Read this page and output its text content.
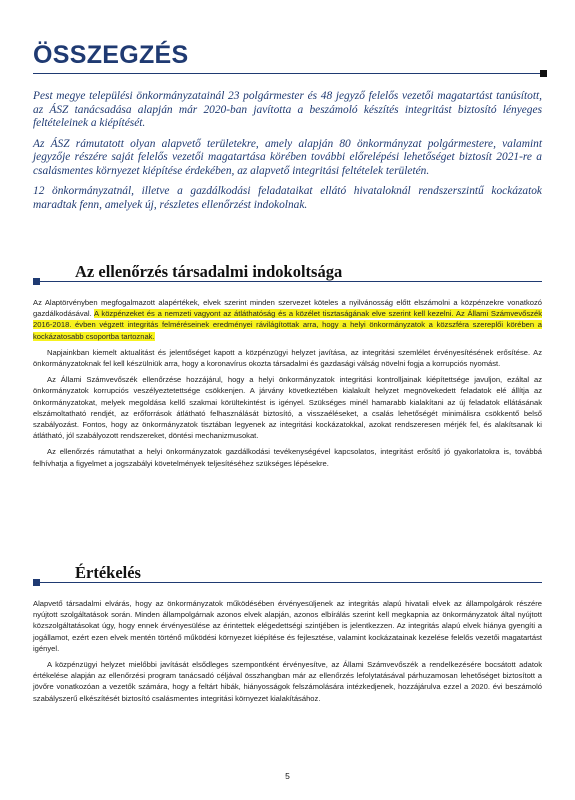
ÖSSZEGZÉS

Pest megye települési önkormányzatainál 23 polgármester és 48 jegyző felelős vezetői magatartást tanúsított, az ÁSZ tanácsadása alapján már 2020-ban javította a beszámoló készítés integritást biztosító lényeges feltételeinek a kiépítését.

Az ÁSZ rámutatott olyan alapvető területekre, amely alapján 80 önkormányzat polgármestere, valamint jegyzője részére saját felelős vezetői magatartása körében további előrelépési lehetőséget biztosít 2021-re a csalásmentes környezet kiépítése érdekében, az alapvető integritási feltételek területén.

12 önkormányzatnál, illetve a gazdálkodási feladataikat ellátó hivataloknál rendszerszintű kockázatok maradtak fenn, amelyek új, részletes ellenőrzést indokolnak.

Az ellenőrzés társadalmi indokoltsága

Az Alaptörvényben megfogalmazott alapértékek, elvek szerint minden szervezet köteles a nyilvánosság előtt elszámolni a közpénzekre vonatkozó gazdálkodásával. A közpénzeket és a nemzeti vagyont az átláthatóság és a közélet tisztaságának elve szerint kell kezelni. Az Állami Számvevőszék 2016-2018. évben végzett integritás felméréseinek eredményei rávilágítottak arra, hogy a helyi önkormányzatok a közszféra szereplői körében a kockázatosabb csoportba tartoznak.

Napjainkban kiemelt aktualitást és jelentőséget kapott a közpénzügyi helyzet javítása, az integritási szemlélet érvényesítésének erősítése. Az önkormányzatoknak fel kell készülniük arra, hogy a koronavírus okozta társadalmi és gazdasági válság növelni fogja a korrupciós nyomást.

Az Állami Számvevőszék ellenőrzése hozzájárul, hogy a helyi önkormányzatok integritási kontrolljainak kiépítettsége javuljon, ezáltal az önkormányzatok korrupciós veszélyeztetettsége csökkenjen. A járvány következtében kialakult helyzet megnövekedett feladatok elé állítja az önkormányzatokat, melyek megoldása kellő szakmai körültekintést is igényel. Szükséges minél hamarabb kialakítani az új feladatok ellátásának elszámoltatható rendjét, az erőforrások átlátható felhasználását biztosító, a visszaéléseket, a csalás lehetőségét minimálisra csökkentő belső szabályozást. Fontos, hogy az önkormányzatok tisztában legyenek az integritási kockázatokkal, azokat rendszeresen mérjék fel, és alakítsanak ki átlátható, jól szabályozott rendszereket, döntési mechanizmusokat.

Az ellenőrzés rámutathat a helyi önkormányzatok gazdálkodási tevékenységével kapcsolatos, integritást erősítő jó gyakorlatokra is, továbbá felhívhatja a figyelmet a jogszabályi követelmények teljesítéséhez szükséges lépésekre.

Értékelés

Alapvető társadalmi elvárás, hogy az önkormányzatok működésében érvényesüljenek az integritás alapú hivatali elvek az állampolgárok részére nyújtott szolgáltatások során. Minden állampolgárnak azonos elvek alapján, azonos elbírálás szerint kell megkapnia az önkormányzatok által nyújtott közszolgáltatásokat úgy, hogy ennek érvényesülése az érintettek elégedettségi szintjében is jelentkezzen. Az integritás alapú elvek hiánya gyengíti a jogállamot, ezért ezen elvek mentén történő működési környezet kiépítése és fejlesztése, valamint kockázatainak kezelése felelős vezetői magatartást igényel.

A közpénzügyi helyzet mielőbbi javítását elsődleges szempontként érvényesítve, az Állami Számvevőszék a rendelkezésére bocsátott adatok értékelése alapján az ellenőrzési program tanácsadó céljával összhangban már az ellenőrzés lefolytatásával párhuzamosan lehetőséget biztosított a jövőre vonatkozóan a vezetők számára, hogy a feltárt hibák, hiányosságok felszámolására intézkedjenek, hozzájárulva ezzel a 2020. évi beszámoló szabályszerű elkészítését biztosító csalásmentes integritási környezet kialakításához.

5
